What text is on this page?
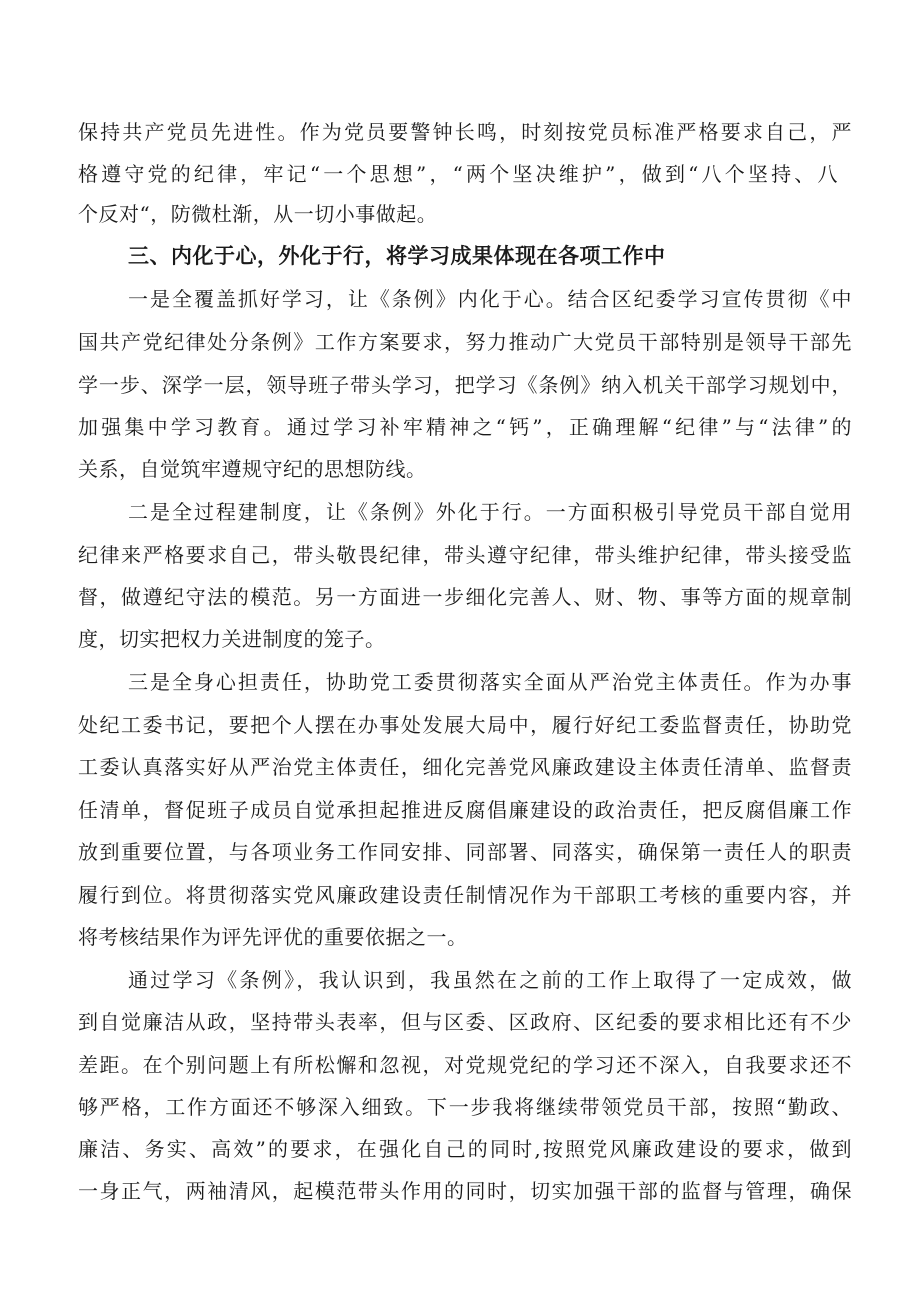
保持共产党员先进性。作为党员要警钟长鸣，时刻按党员标准严格要求自己，严
格遵守党的纪律，牢记“一个思想”，“两个坚决维护”，做到“八个坚持、八
个反对“，防微杜渐，从一切小事做起。
三、内化于心，外化于行，将学习成果体现在各项工作中
一是全覆盖抓好学习，让《条例》内化于心。结合区纪委学习宣传贯彻《中
国共产党纪律处分条例》工作方案要求，努力推动广大党员干部特别是领导干部先
学一步、深学一层，领导班子带头学习，把学习《条例》纳入机关干部学习规划中，
加强集中学习教育。通过学习补牢精神之“钙”，正确理解“纪律”与“法律”的
关系，自觉筑牢遵规守纪的思想防线。
二是全过程建制度，让《条例》外化于行。一方面积极引导党员干部自觉用
纪律来严格要求自己，带头敬畏纪律，带头遵守纪律，带头维护纪律，带头接受监
督，做遵纪守法的模范。另一方面进一步细化完善人、财、物、事等方面的规章制
度，切实把权力关进制度的笼子。
三是全身心担责任，协助党工委贯彻落实全面从严治党主体责任。作为办事
处纪工委书记，要把个人摆在办事处发展大局中，履行好纪工委监督责任，协助党
工委认真落实好从严治党主体责任，细化完善党风廉政建设主体责任清单、监督责
任清单，督促班子成员自觉承担起推进反腐倡廉建设的政治责任，把反腐倡廉工作
放到重要位置，与各项业务工作同安排、同部署、同落实，确保第一责任人的职责
履行到位。将贯彻落实党风廉政建设责任制情况作为干部职工考核的重要内容，并
将考核结果作为评先评优的重要依据之一。
通过学习《条例》，我认识到，我虽然在之前的工作上取得了一定成效，做
到自觉廉洁从政，坚持带头表率，但与区委、区政府、区纪委的要求相比还有不少
差距。在个别问题上有所松懈和忽视，对党规党纪的学习还不深入，自我要求还不
够严格，工作方面还不够深入细致。下一步我将继续带领党员干部，按照“勤政、
廉洁、务实、高效”的要求，在强化自己的同时,按照党风廉政建设的要求，做到
一身正气，两袖清风，起模范带头作用的同时，切实加强干部的监督与管理，确保
